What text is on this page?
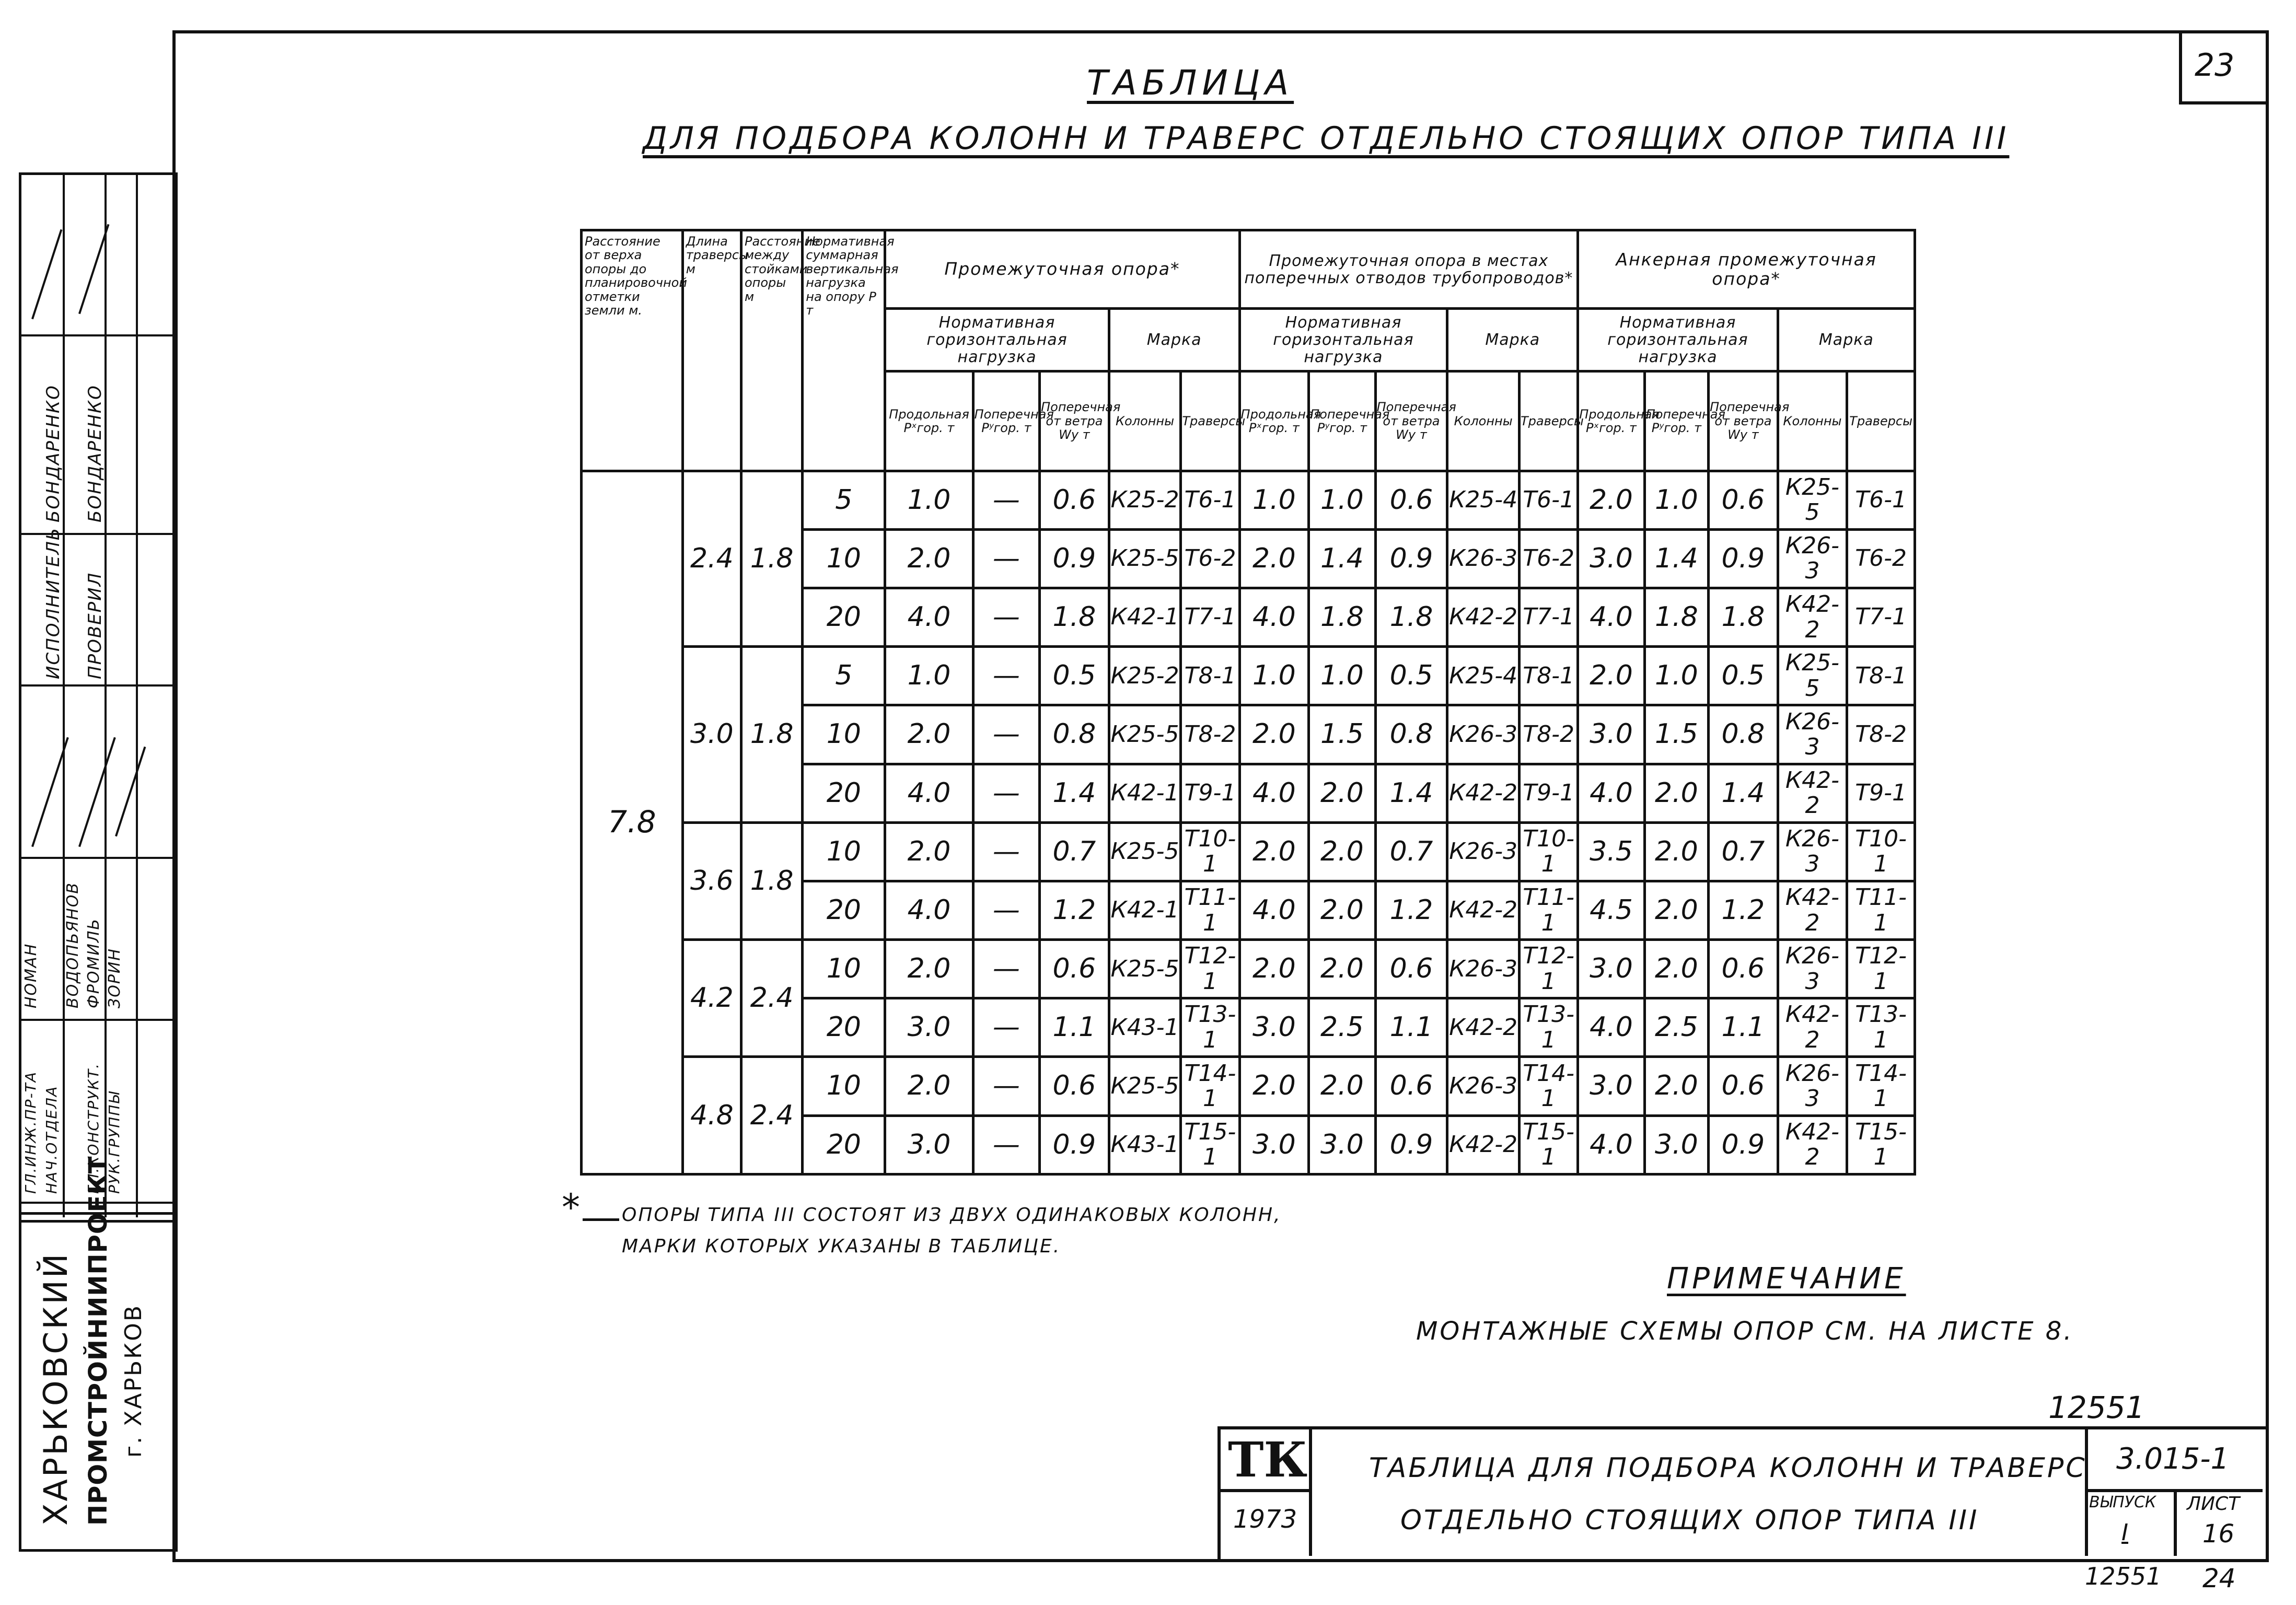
23
ТАБЛИЦА
ДЛЯ ПОДБОРА КОЛОНН И ТРАВЕРС ОТДЕЛЬНО СТОЯЩИХ ОПОР ТИПА III
Расстояние от верха опоры до планировочной отметки земли м.	Длина траверсы м	Расстояние между стойками опоры м	Нормативная суммарная вертикальная нагрузка на опору P т	Промежуточная опора*					Промежуточная опора в местах поперечных отводов трубопроводов*					Анкерная промежуточная опора*				
				Нормативная горизонтальная нагрузка			Марка		Нормативная горизонтальная нагрузка			Марка		Нормативная горизонтальная нагрузка			Марка	
				Продольная Pˣгор. т	Поперечная Pʸгор. т	Поперечная от ветра Wy т	Колонны	Траверсы	Продольная Pˣгор. т	Поперечная Pʸгор. т	Поперечная от ветра Wy т	Колонны	Траверсы	Продольная Pˣгор. т	Поперечная Pʸгор. т	Поперечная от ветра Wy т	Колонны	Траверсы
7.8	2.4	1.8	5	1.0	—	0.6	К25-2	Т6-1	1.0	1.0	0.6	К25-4	Т6-1	2.0	1.0	0.6	К25-5	Т6-1
			10	2.0	—	0.9	К25-5	Т6-2	2.0	1.4	0.9	К26-3	Т6-2	3.0	1.4	0.9	К26-3	Т6-2
			20	4.0	—	1.8	К42-1	Т7-1	4.0	1.8	1.8	К42-2	Т7-1	4.0	1.8	1.8	К42-2	Т7-1
	3.0	1.8	5	1.0	—	0.5	К25-2	Т8-1	1.0	1.0	0.5	К25-4	Т8-1	2.0	1.0	0.5	К25-5	Т8-1
			10	2.0	—	0.8	К25-5	Т8-2	2.0	1.5	0.8	К26-3	Т8-2	3.0	1.5	0.8	К26-3	Т8-2
			20	4.0	—	1.4	К42-1	Т9-1	4.0	2.0	1.4	К42-2	Т9-1	4.0	2.0	1.4	К42-2	Т9-1
	3.6	1.8	10	2.0	—	0.7	К25-5	Т10-1	2.0	2.0	0.7	К26-3	Т10-1	3.5	2.0	0.7	К26-3	Т10-1
			20	4.0	—	1.2	К42-1	Т11-1	4.0	2.0	1.2	К42-2	Т11-1	4.5	2.0	1.2	К42-2	Т11-1
	4.2	2.4	10	2.0	—	0.6	К25-5	Т12-1	2.0	2.0	0.6	К26-3	Т12-1	3.0	2.0	0.6	К26-3	Т12-1
			20	3.0	—	1.1	К43-1	Т13-1	3.0	2.5	1.1	К42-2	Т13-1	4.0	2.5	1.1	К42-2	Т13-1
	4.8	2.4	10	2.0	—	0.6	К25-5	Т14-1	2.0	2.0	0.6	К26-3	Т14-1	3.0	2.0	0.6	К26-3	Т14-1
			20	3.0	—	0.9	К43-1	Т15-1	3.0	3.0	0.9	К42-2	Т15-1	4.0	3.0	0.9	К42-2	Т15-1
* ОПОРЫ ТИПА III СОСТОЯТ ИЗ ДВУХ ОДИНАКОВЫХ КОЛОНН,
МАРКИ КОТОРЫХ УКАЗАНЫ В ТАБЛИЦЕ.
ПРИМЕЧАНИЕ
МОНТАЖНЫЕ СХЕМЫ ОПОР СМ. НА ЛИСТЕ 8.
12551
ГЛ.ИНЖ.ПР-ТА НАЧ.ОТДЕЛА ГЛ.КОНСТРУКТ. РУК.ГРУППЫ
ИСПОЛНИТЕЛЬ ПРОВЕРИЛ
НОМАН ВОДОПЬЯНОВ ФРОМИЛЬ ЗОРИН
БОНДАРЕНКО БОНДАРЕНКО
ХАРЬКОВСКИЙ ПРОМСТРОЙНИИПРОЕКТ г. ХАРЬКОВ
ТК
1973
ТАБЛИЦА ДЛЯ ПОДБОРА КОЛОНН И ТРАВЕРС
ОТДЕЛЬНО СТОЯЩИХ ОПОР ТИПА III
3.015-1
ВЫПУСК
I
ЛИСТ
16
12551 24
